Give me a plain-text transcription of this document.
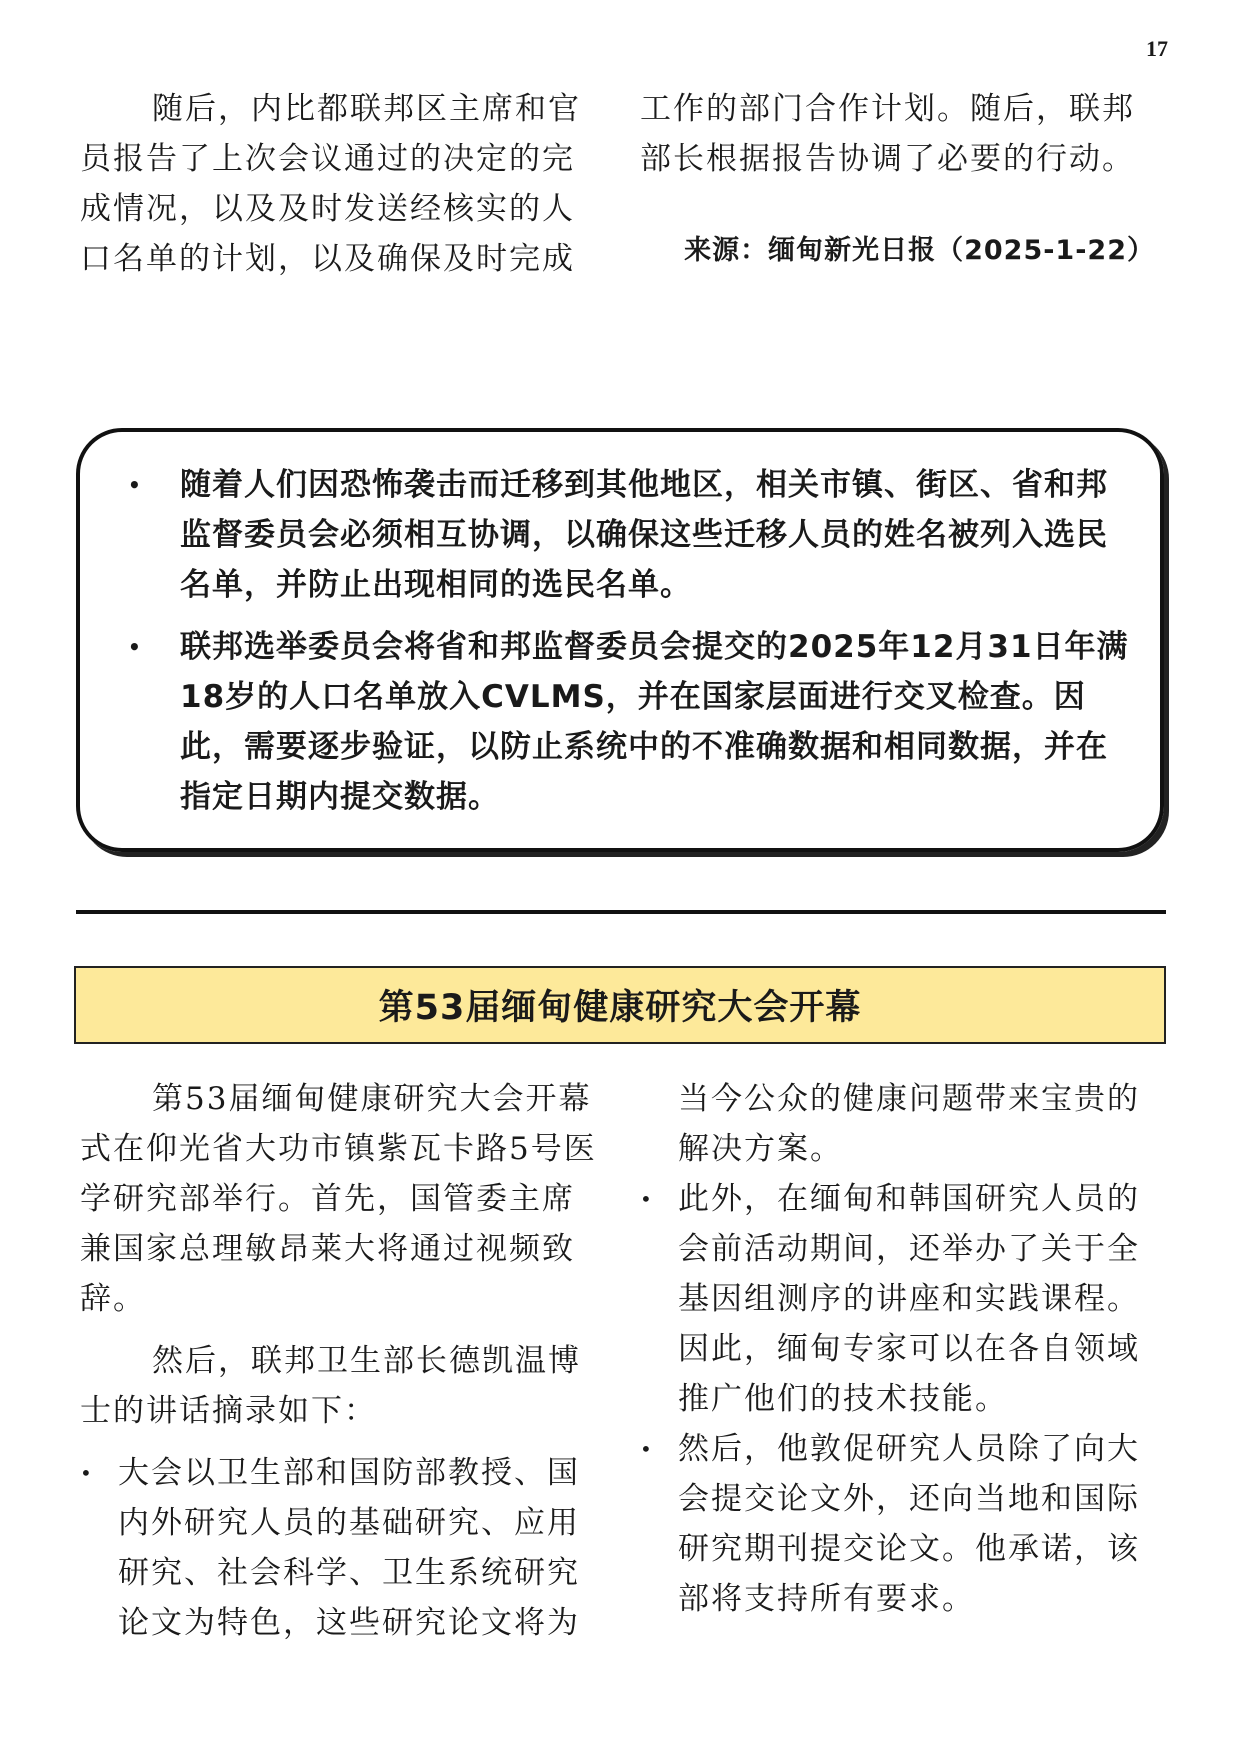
17

随后，内比都联邦区主席和官员报告了上次会议通过的决定的完成情况，以及及时发送经核实的人口名单的计划，以及确保及时完成

工作的部门合作计划。随后，联邦部长根据报告协调了必要的行动。

来源：缅甸新光日报（2025-1-22）
• 随着人们因恐怖袭击而迁移到其他地区，相关市镇、街区、省和邦监督委员会必须相互协调，以确保这些迁移人员的姓名被列入选民名单，并防止出现相同的选民名单。
• 联邦选举委员会将省和邦监督委员会提交的2025年12月31日年满18岁的人口名单放入CVLMS，并在国家层面进行交叉检查。因此，需要逐步验证，以防止系统中的不准确数据和相同数据，并在指定日期内提交数据。
第53届缅甸健康研究大会开幕

第53届缅甸健康研究大会开幕式在仰光省大功市镇紫瓦卡路5号医学研究部举行。首先，国管委主席兼国家总理敏昂莱大将通过视频致辞。

然后，联邦卫生部长德凯温博士的讲话摘录如下：

• 大会以卫生部和国防部教授、国内外研究人员的基础研究、应用研究、社会科学、卫生系统研究论文为特色，这些研究论文将为
当今公众的健康问题带来宝贵的解决方案。
• 此外，在缅甸和韩国研究人员的会前活动期间，还举办了关于全基因组测序的讲座和实践课程。因此，缅甸专家可以在各自领域推广他们的技术技能。
• 然后，他敦促研究人员除了向大会提交论文外，还向当地和国际研究期刊提交论文。他承诺，该部将支持所有要求。
